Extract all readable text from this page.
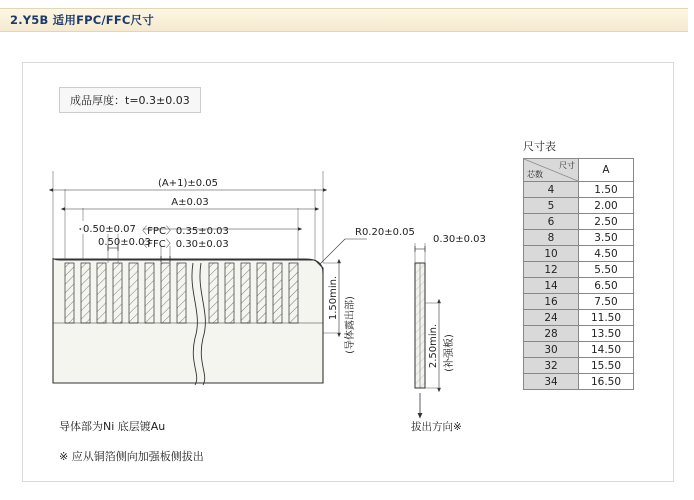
2.Y5B 适用FPC/FFC尺寸
成品厚度：t=0.3±0.03
(A+1)±0.05
A±0.03
0.50±0.07
0.50±0.03
〈FPC〉0.35±0.03
〈FFC〉0.30±0.03
R0.20±0.05
1.50min. (导体露出部)
0.30±0.03
2.50min. (补强板)
拔出方向※
导体部为Ni 底层镀Au
※ 应从铜箔侧向加强板侧拔出
尺寸表
芯数
尺寸	A
4	1.50
5	2.00
6	2.50
8	3.50
10	4.50
12	5.50
14	6.50
16	7.50
24	11.50
28	13.50
30	14.50
32	15.50
34	16.50
